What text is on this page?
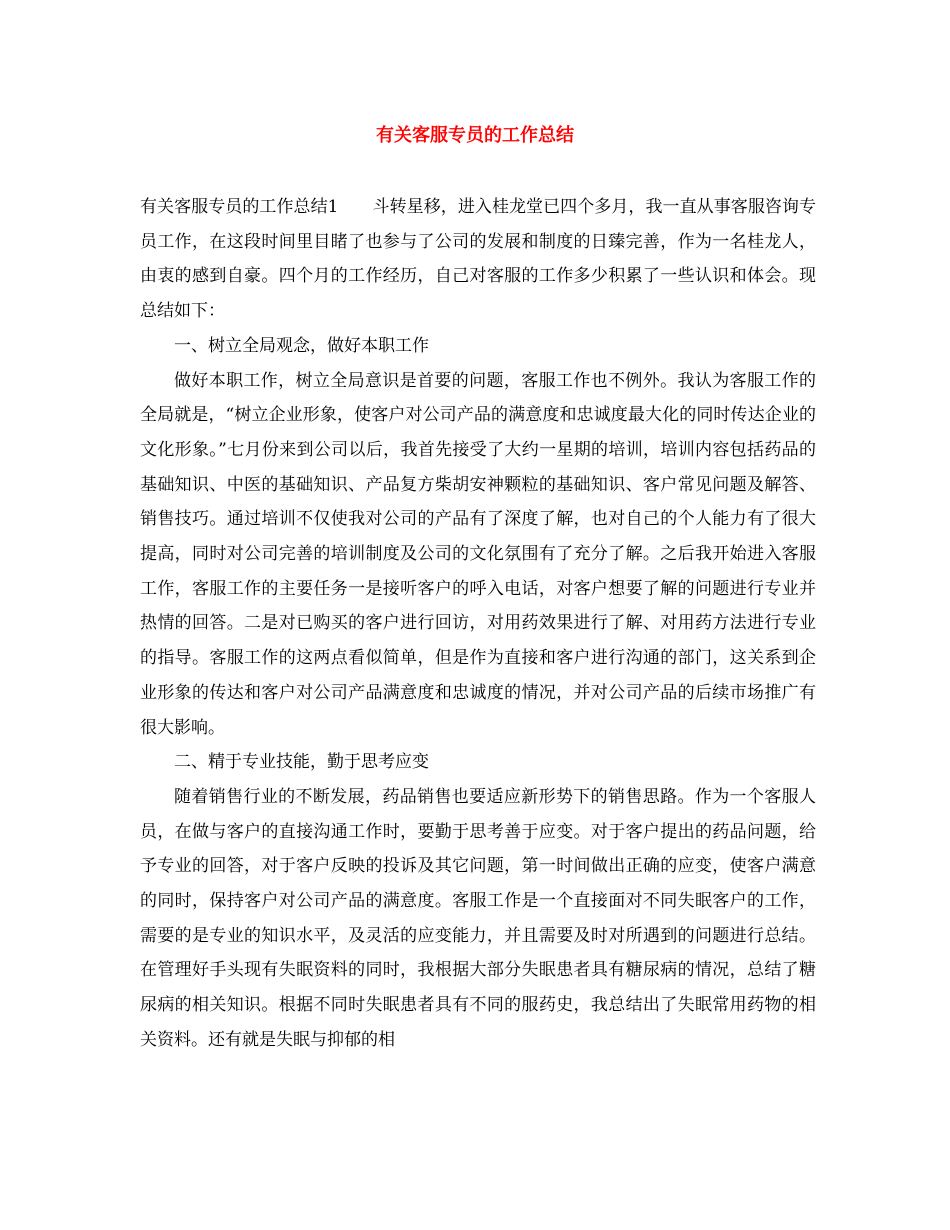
有关客服专员的工作总结

有关客服专员的工作总结1 斗转星移，进入桂龙堂已四个多月，我一直从事客服咨询专员工作，在这段时间里目睹了也参与了公司的发展和制度的日臻完善，作为一名桂龙人，由衷的感到自豪。四个月的工作经历，自己对客服的工作多少积累了一些认识和体会。现总结如下：

一、树立全局观念，做好本职工作

做好本职工作，树立全局意识是首要的问题，客服工作也不例外。我认为客服工作的全局就是，“树立企业形象，使客户对公司产品的满意度和忠诚度最大化的同时传达企业的文化形象。”七月份来到公司以后，我首先接受了大约一星期的培训，培训内容包括药品的基础知识、中医的基础知识、产品复方柴胡安神颗粒的基础知识、客户常见问题及解答、销售技巧。通过培训不仅使我对公司的产品有了深度了解，也对自己的个人能力有了很大提高，同时对公司完善的培训制度及公司的文化氛围有了充分了解。之后我开始进入客服工作，客服工作的主要任务一是接听客户的呼入电话，对客户想要了解的问题进行专业并热情的回答。二是对已购买的客户进行回访，对用药效果进行了解、对用药方法进行专业的指导。客服工作的这两点看似简单，但是作为直接和客户进行沟通的部门，这关系到企业形象的传达和客户对公司产品满意度和忠诚度的情况，并对公司产品的后续市场推广有很大影响。

二、精于专业技能，勤于思考应变

随着销售行业的不断发展，药品销售也要适应新形势下的销售思路。作为一个客服人员，在做与客户的直接沟通工作时，要勤于思考善于应变。对于客户提出的药品问题，给予专业的回答，对于客户反映的投诉及其它问题，第一时间做出正确的应变，使客户满意的同时，保持客户对公司产品的满意度。客服工作是一个直接面对不同失眠客户的工作，需要的是专业的知识水平，及灵活的应变能力，并且需要及时对所遇到的问题进行总结。在管理好手头现有失眠资料的同时，我根据大部分失眠患者具有糖尿病的情况，总结了糖尿病的相关知识。根据不同时失眠患者具有不同的服药史，我总结出了失眠常用药物的相关资料。还有就是失眠与抑郁的相
